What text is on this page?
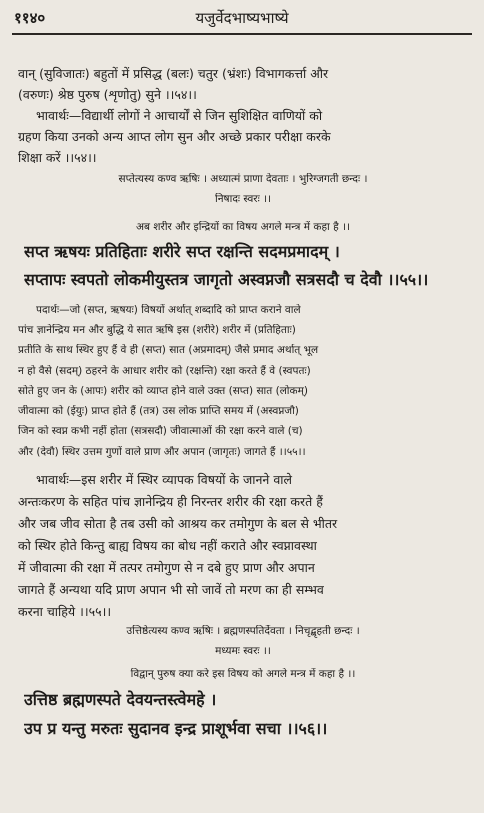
११४०	यजुर्वेदभाष्यभाष्ये
वान् (सुविजातः) बहुतों में प्रसिद्ध (बलः) चतुर (भ्रंशः) विभागकर्त्ता और
(वरुणः) श्रेष्ठ पुरुष (शृणोतु) सुने ।।५४।।
भावार्थः—विद्यार्थी लोगों ने आचार्यों से जिन सुशिक्षित वाणियों को
ग्रहण किया उनको अन्य आप्त लोग सुन और अच्छे प्रकार परीक्षा करके
शिक्षा करें ।।५४।।
सप्तेत्यस्य कण्व ऋषिः । अध्यात्मं प्राणा देवताः । भुरिग्जगती छन्दः ।
निषादः स्वरः ।।
अब शरीर और इन्द्रियों का विषय अगले मन्त्र में कहा है ।।
सप्त ऋषयः प्रतिहिताः शरीरे सप्त रक्षन्ति सदमप्रमादम् ।
सप्तापः स्वपतो लोकमीयुस्तत्र जागृतो अस्वप्नजौ सत्रसदौ च देवौ ।।५५।।
पदार्थः—जो (सप्त, ऋषयः) विषयों अर्थात् शब्दादि को प्राप्त कराने वाले
पांच ज्ञानेन्द्रिय मन और बुद्धि ये सात ऋषि इस (शरीरे) शरीर में (प्रतिहिताः)
प्रतीति के साथ स्थिर हुए हैं वे ही (सप्त) सात (अप्रमादम्) जैसे प्रमाद अर्थात् भूल
न हो वैसे (सदम्) ठहरने के आधार शरीर को (रक्षन्ति) रक्षा करते हैं वे (स्वपतः)
सोते हुए जन के (आपः) शरीर को व्याप्त होने वाले उक्त (सप्त) सात (लोकम्)
जीवात्मा को (ईयुः) प्राप्त होते हैं (तत्र) उस लोक प्राप्ति समय में (अस्वप्नजौ)
जिन को स्वप्न कभी नहीं होता (सत्रसदौ) जीवात्माओं की रक्षा करने वाले (च)
और (देवौ) स्थिर उत्तम गुणों वाले प्राण और अपान (जागृतः) जागते हैं ।।५५।।
भावार्थः—इस शरीर में स्थिर व्यापक विषयों के जानने वाले
अन्तःकरण के सहित पांच ज्ञानेन्द्रिय ही निरन्तर शरीर की रक्षा करते हैं
और जब जीव सोता है तब उसी को आश्रय कर तमोगुण के बल से भीतर
को स्थिर होते किन्तु बाह्य विषय का बोध नहीं कराते और स्वप्नावस्था
में जीवात्मा की रक्षा में तत्पर तमोगुण से न दबे हुए प्राण और अपान
जागते हैं अन्यथा यदि प्राण अपान भी सो जावें तो मरण का ही सम्भव
करना चाहिये ।।५५।।
उत्तिष्ठेत्यस्य कण्व ऋषिः । ब्रह्मणस्पतिर्देवता । निचृद्बृहती छन्दः ।
मध्यमः स्वरः ।।
विद्वान् पुरुष क्या करे इस विषय को अगले मन्त्र में कहा है ।।
उत्तिष्ठ ब्रह्मणस्पते देवयन्तस्त्वेमहे ।
उप प्र यन्तु मरुतः सुदानव इन्द्र प्राशूर्भवा सचा ।।५६।।
